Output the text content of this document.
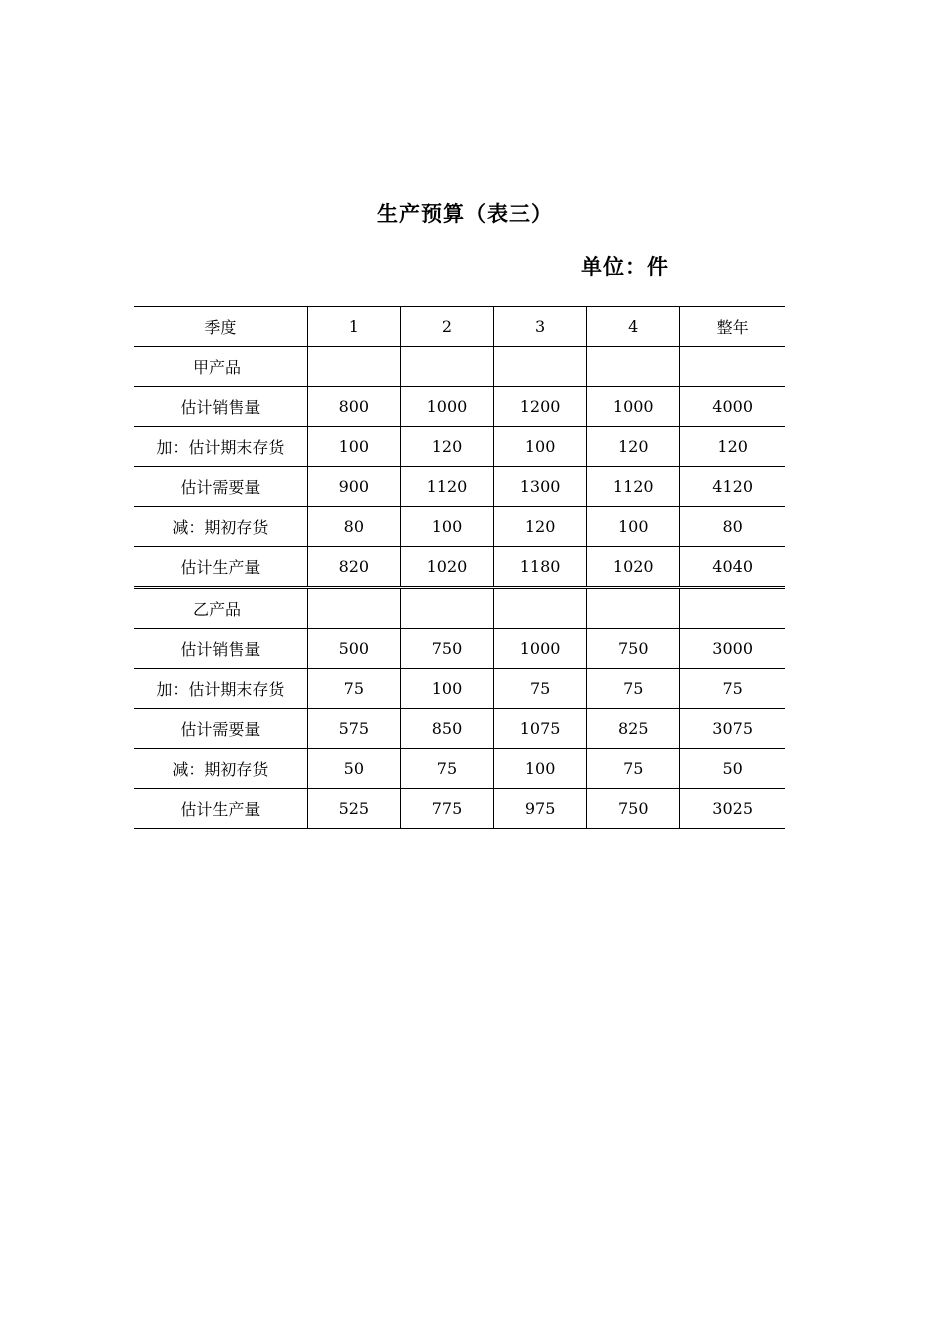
生产预算（表三）
单位：件
季度	1	2	3	4	整年
甲产品					
估计销售量	800	1000	1200	1000	4000
加：估计期末存货	100	120	100	120	120
估计需要量	900	1120	1300	1120	4120
减：期初存货	80	100	120	100	80
估计生产量	820	1020	1180	1020	4040
乙产品					
估计销售量	500	750	1000	750	3000
加：估计期末存货	75	100	75	75	75
估计需要量	575	850	1075	825	3075
减：期初存货	50	75	100	75	50
估计生产量	525	775	975	750	3025
